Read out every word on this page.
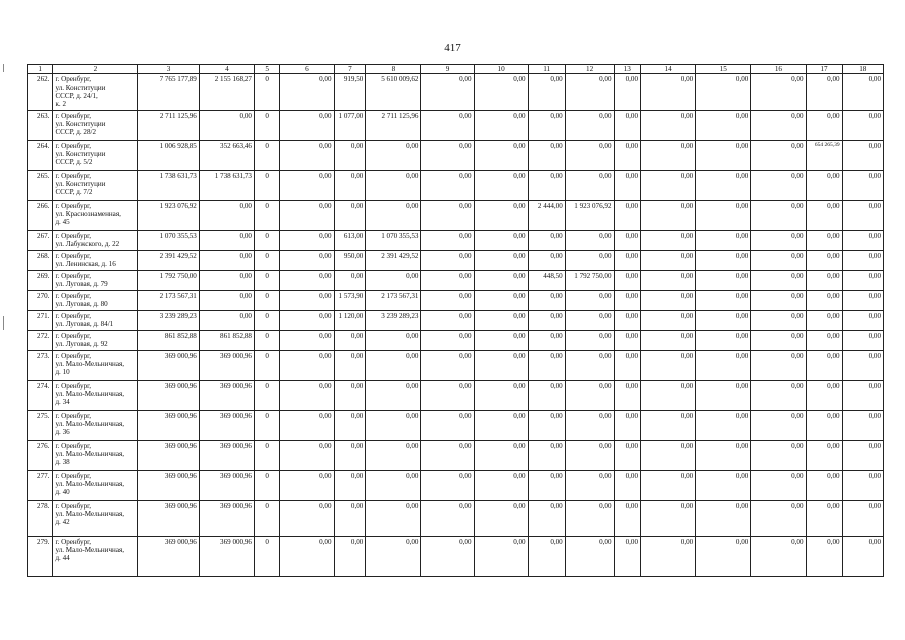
417
1	2	3	4	5	6	7	8	9	10	11	12	13	14	15	16	17	18
262.	г. Оренбург,
ул. Конституции
СССР, д. 24/1,
к. 2	7 765 177,89	2 155 168,27	0	0,00	919,50	5 610 009,62	0,00	0,00	0,00	0,00	0,00	0,00	0,00	0,00	0,00	0,00
263.	г. Оренбург,
ул. Конституции
СССР, д. 28/2	2 711 125,96	0,00	0	0,00	1 077,00	2 711 125,96	0,00	0,00	0,00	0,00	0,00	0,00	0,00	0,00	0,00	0,00
264.	г. Оренбург,
ул. Конституции
СССР, д. 5/2	1 006 928,85	352 663,46	0	0,00	0,00	0,00	0,00	0,00	0,00	0,00	0,00	0,00	0,00	0,00	654 265,39	0,00
265.	г. Оренбург,
ул. Конституции
СССР, д. 7/2	1 738 631,73	1 738 631,73	0	0,00	0,00	0,00	0,00	0,00	0,00	0,00	0,00	0,00	0,00	0,00	0,00	0,00
266.	г. Оренбург,
ул. Краснознаменная,
д. 45	1 923 076,92	0,00	0	0,00	0,00	0,00	0,00	0,00	2 444,00	1 923 076,92	0,00	0,00	0,00	0,00	0,00	0,00
267.	г. Оренбург,
ул. Лабужского, д. 22	1 070 355,53	0,00	0	0,00	613,00	1 070 355,53	0,00	0,00	0,00	0,00	0,00	0,00	0,00	0,00	0,00	0,00
268.	г. Оренбург,
ул. Ленинская, д. 16	2 391 429,52	0,00	0	0,00	950,00	2 391 429,52	0,00	0,00	0,00	0,00	0,00	0,00	0,00	0,00	0,00	0,00
269.	г. Оренбург,
ул. Луговая, д. 79	1 792 750,00	0,00	0	0,00	0,00	0,00	0,00	0,00	448,50	1 792 750,00	0,00	0,00	0,00	0,00	0,00	0,00
270.	г. Оренбург,
ул. Луговая, д. 80	2 173 567,31	0,00	0	0,00	1 573,90	2 173 567,31	0,00	0,00	0,00	0,00	0,00	0,00	0,00	0,00	0,00	0,00
271.	г. Оренбург,
ул. Луговая, д. 84/1	3 239 289,23	0,00	0	0,00	1 120,00	3 239 289,23	0,00	0,00	0,00	0,00	0,00	0,00	0,00	0,00	0,00	0,00
272.	г. Оренбург,
ул. Луговая, д. 92	861 852,88	861 852,88	0	0,00	0,00	0,00	0,00	0,00	0,00	0,00	0,00	0,00	0,00	0,00	0,00	0,00
273.	г. Оренбург,
ул. Мало-Мельничная,
д. 10	369 000,96	369 000,96	0	0,00	0,00	0,00	0,00	0,00	0,00	0,00	0,00	0,00	0,00	0,00	0,00	0,00
274.	г. Оренбург,
ул. Мало-Мельничная,
д. 34	369 000,96	369 000,96	0	0,00	0,00	0,00	0,00	0,00	0,00	0,00	0,00	0,00	0,00	0,00	0,00	0,00
275.	г. Оренбург,
ул. Мало-Мельничная,
д. 36	369 000,96	369 000,96	0	0,00	0,00	0,00	0,00	0,00	0,00	0,00	0,00	0,00	0,00	0,00	0,00	0,00
276.	г. Оренбург,
ул. Мало-Мельничная,
д. 38	369 000,96	369 000,96	0	0,00	0,00	0,00	0,00	0,00	0,00	0,00	0,00	0,00	0,00	0,00	0,00	0,00
277.	г. Оренбург,
ул. Мало-Мельничная,
д. 40	369 000,96	369 000,96	0	0,00	0,00	0,00	0,00	0,00	0,00	0,00	0,00	0,00	0,00	0,00	0,00	0,00
278.	г. Оренбург,
ул. Мало-Мельничная,
д. 42	369 000,96	369 000,96	0	0,00	0,00	0,00	0,00	0,00	0,00	0,00	0,00	0,00	0,00	0,00	0,00	0,00
279.	г. Оренбург,
ул. Мало-Мельничная,
д. 44	369 000,96	369 000,96	0	0,00	0,00	0,00	0,00	0,00	0,00	0,00	0,00	0,00	0,00	0,00	0,00	0,00
